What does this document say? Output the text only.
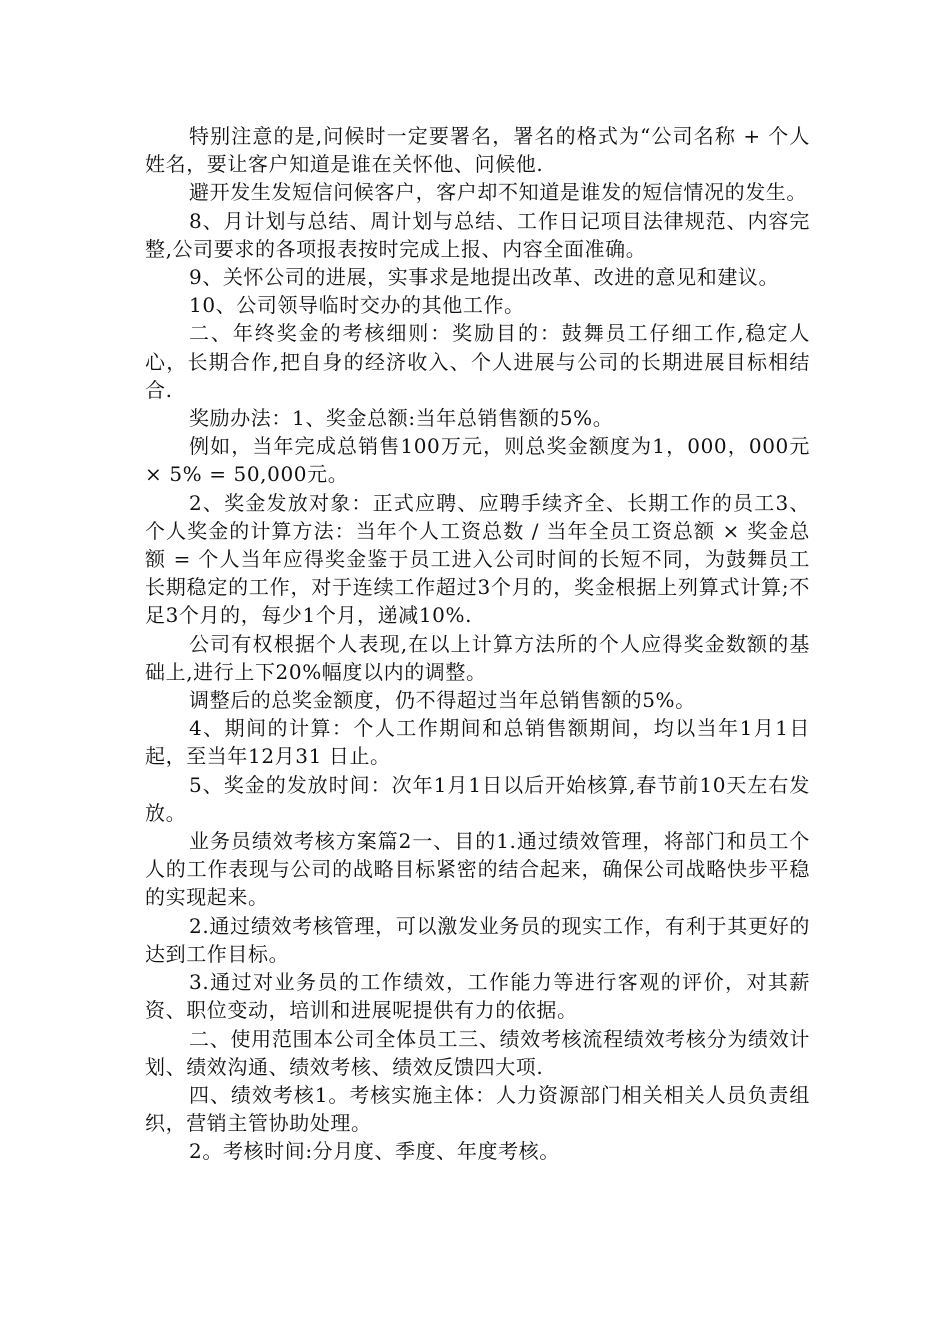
特别注意的是,问候时一定要署名，署名的格式为“公司名称 + 个人姓名，要让客户知道是谁在关怀他、问候他.

避开发生发短信问候客户，客户却不知道是谁发的短信情况的发生。

8、月计划与总结、周计划与总结、工作日记项目法律规范、内容完整,公司要求的各项报表按时完成上报、内容全面准确。

9、关怀公司的进展，实事求是地提出改革、改进的意见和建议。

10、公司领导临时交办的其他工作。

二、年终奖金的考核细则：奖励目的：鼓舞员工仔细工作,稳定人心，长期合作,把自身的经济收入、个人进展与公司的长期进展目标相结合.

奖励办法：1、奖金总额:当年总销售额的5%。

例如，当年完成总销售100万元，则总奖金额度为1，000，000元 × 5% = 50,000元。

2、奖金发放对象：正式应聘、应聘手续齐全、长期工作的员工3、个人奖金的计算方法：当年个人工资总数 / 当年全员工资总额 × 奖金总额 = 个人当年应得奖金鉴于员工进入公司时间的长短不同，为鼓舞员工长期稳定的工作，对于连续工作超过3个月的，奖金根据上列算式计算;不足3个月的，每少1个月，递减10%.

公司有权根据个人表现,在以上计算方法所的个人应得奖金数额的基础上,进行上下20%幅度以内的调整。

调整后的总奖金额度，仍不得超过当年总销售额的5%。

4、期间的计算：个人工作期间和总销售额期间，均以当年1月1日起，至当年12月31 日止。

5、奖金的发放时间：次年1月1日以后开始核算,春节前10天左右发放。

业务员绩效考核方案篇2一、目的1.通过绩效管理，将部门和员工个人的工作表现与公司的战略目标紧密的结合起来，确保公司战略快步平稳的实现起来。

2.通过绩效考核管理，可以激发业务员的现实工作，有利于其更好的达到工作目标。

3.通过对业务员的工作绩效，工作能力等进行客观的评价，对其薪资、职位变动，培训和进展呢提供有力的依据。

二、使用范围本公司全体员工三、绩效考核流程绩效考核分为绩效计划、绩效沟通、绩效考核、绩效反馈四大项.

四、绩效考核1。考核实施主体：人力资源部门相关相关人员负责组织，营销主管协助处理。

2。考核时间:分月度、季度、年度考核。
